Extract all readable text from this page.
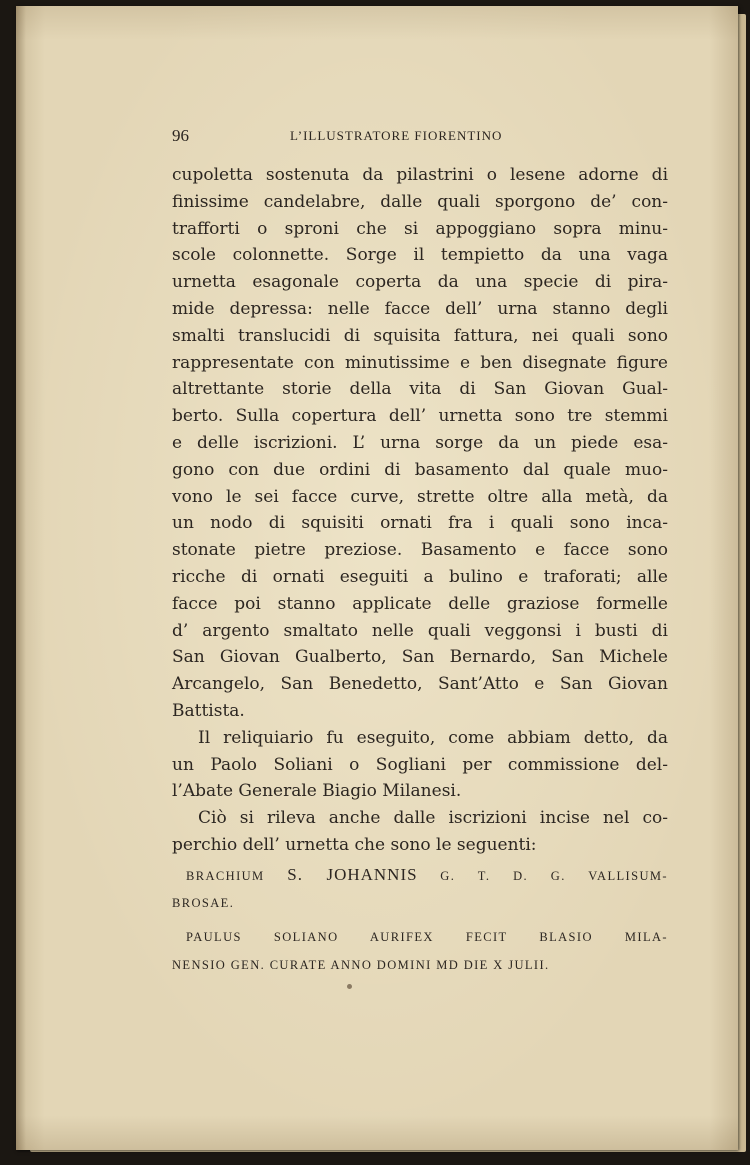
96	L’ILLUSTRATORE FIORENTINO
cupoletta sostenuta da pilastrini o lesene adorne di
finissime candelabre, dalle quali sporgono de’ con-
trafforti o sproni che si appoggiano sopra minu-
scole colonnette. Sorge il tempietto da una vaga
urnetta esagonale coperta da una specie di pira-
mide depressa: nelle facce dell’ urna stanno degli
smalti translucidi di squisita fattura, nei quali sono
rappresentate con minutissime e ben disegnate figure
altrettante storie della vita di San Giovan Gual-
berto. Sulla copertura dell’ urnetta sono tre stemmi
e delle iscrizioni. L’ urna sorge da un piede esa-
gono con due ordini di basamento dal quale muo-
vono le sei facce curve, strette oltre alla metà, da
un nodo di squisiti ornati fra i quali sono inca-
stonate pietre preziose. Basamento e facce sono
ricche di ornati eseguiti a bulino e traforati; alle
facce poi stanno applicate delle graziose formelle
d’ argento smaltato nelle quali veggonsi i busti di
San Giovan Gualberto, San Bernardo, San Michele
Arcangelo, San Benedetto, Sant’Atto e San Giovan
Battista.
Il reliquiario fu eseguito, come abbiam detto, da
un Paolo Soliani o Sogliani per commissione del-
l’Abate Generale Biagio Milanesi.
Ciò si rileva anche dalle iscrizioni incise nel co-
perchio dell’ urnetta che sono le seguenti:
BRACHIUM S. JOHANNIS G. T. D. G. VALLISUM-
BROSAE.
PAULUS SOLIANO AURIFEX FECIT BLASIO MILA-
NENSIO GEN. CURATE ANNO DOMINI MD DIE X JULII.
